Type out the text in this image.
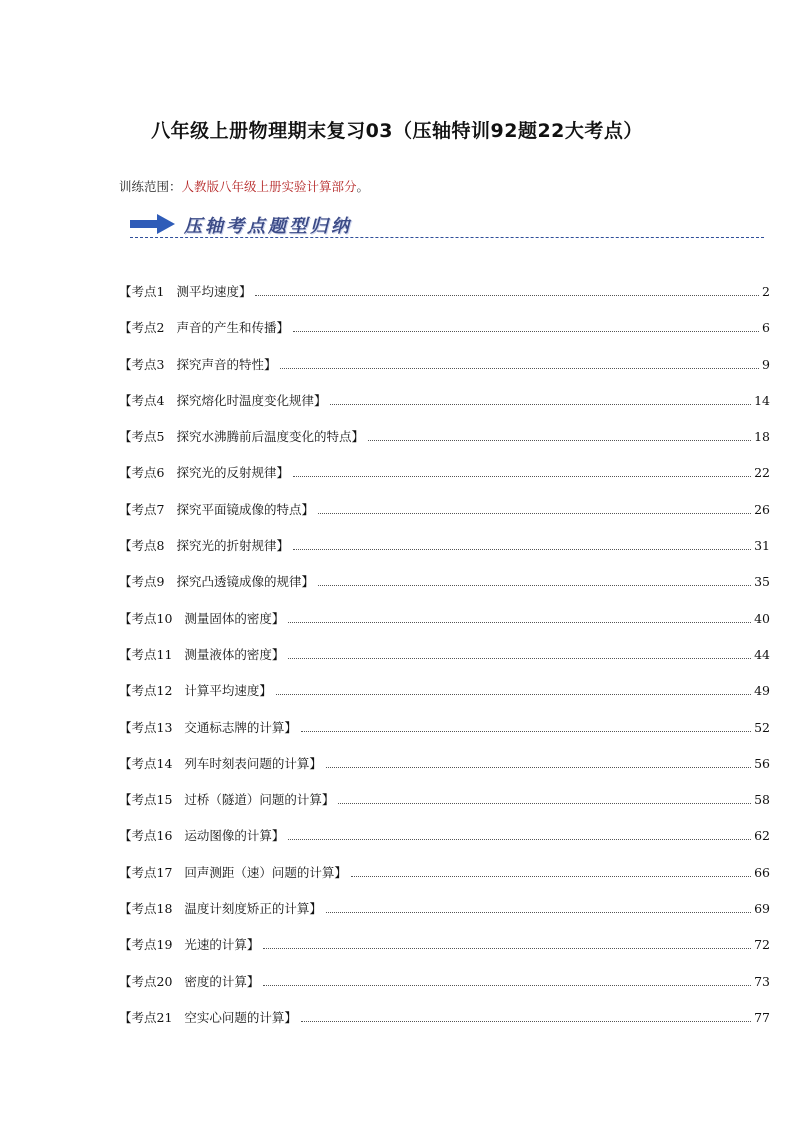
八年级上册物理期末复习03（压轴特训92题22大考点）
训练范围：人教版八年级上册实验计算部分。
压轴考点题型归纳
【考点1 测平均速度】	2
【考点2 声音的产生和传播】	6
【考点3 探究声音的特性】	9
【考点4 探究熔化时温度变化规律】	14
【考点5 探究水沸腾前后温度变化的特点】	18
【考点6 探究光的反射规律】	22
【考点7 探究平面镜成像的特点】	26
【考点8 探究光的折射规律】	31
【考点9 探究凸透镜成像的规律】	35
【考点10 测量固体的密度】	40
【考点11 测量液体的密度】	44
【考点12 计算平均速度】	49
【考点13 交通标志牌的计算】	52
【考点14 列车时刻表问题的计算】	56
【考点15 过桥（隧道）问题的计算】	58
【考点16 运动图像的计算】	62
【考点17 回声测距（速）问题的计算】	66
【考点18 温度计刻度矫正的计算】	69
【考点19 光速的计算】	72
【考点20 密度的计算】	73
【考点21 空实心问题的计算】	77
